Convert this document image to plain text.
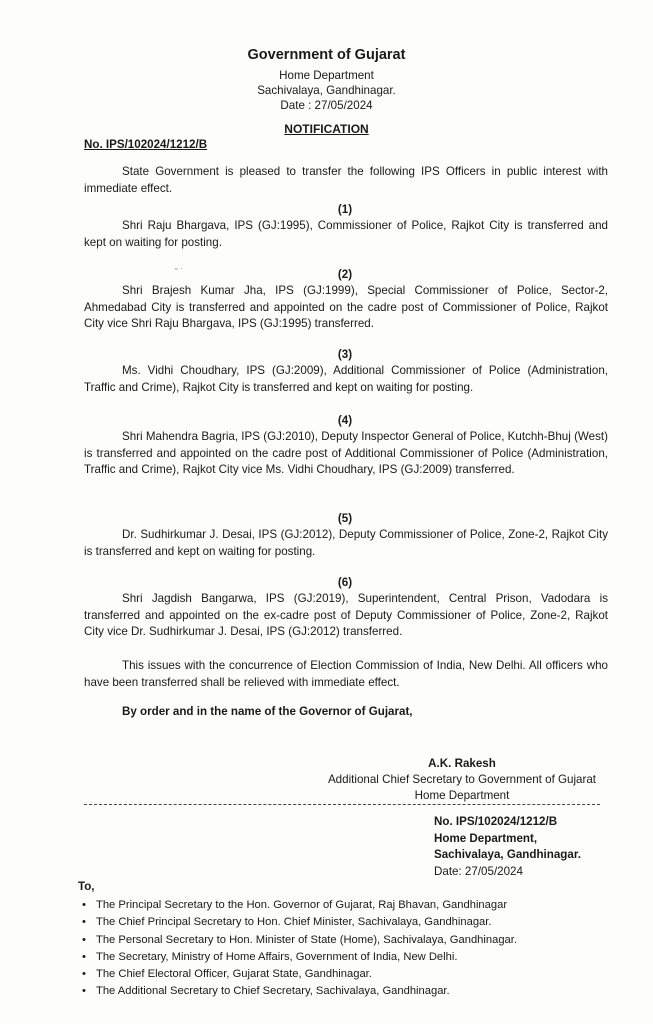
Government of Gujarat
Home Department
Sachivalaya, Gandhinagar.
Date : 27/05/2024
NOTIFICATION
No. IPS/102024/1212/B
State Government is pleased to transfer the following IPS Officers in public interest with immediate effect.
(1)
Shri Raju Bhargava, IPS (GJ:1995), Commissioner of Police, Rajkot City is transferred and kept on waiting for posting.
˘ ˙	(2)
Shri Brajesh Kumar Jha, IPS (GJ:1999), Special Commissioner of Police, Sector-2, Ahmedabad City is transferred and appointed on the cadre post of Commissioner of Police, Rajkot City vice Shri Raju Bhargava, IPS (GJ:1995) transferred.
(3)
Ms. Vidhi Choudhary, IPS (GJ:2009), Additional Commissioner of Police (Administration, Traffic and Crime), Rajkot City is transferred and kept on waiting for posting.
(4)
Shri Mahendra Bagria, IPS (GJ:2010), Deputy Inspector General of Police, Kutchh-Bhuj (West) is transferred and appointed on the cadre post of Additional Commissioner of Police (Administration, Traffic and Crime), Rajkot City vice Ms. Vidhi Choudhary, IPS (GJ:2009) transferred.
(5)
Dr. Sudhirkumar J. Desai, IPS (GJ:2012), Deputy Commissioner of Police, Zone-2, Rajkot City is transferred and kept on waiting for posting.
(6)
Shri Jagdish Bangarwa, IPS (GJ:2019), Superintendent, Central Prison, Vadodara is transferred and appointed on the ex-cadre post of Deputy Commissioner of Police, Zone-2, Rajkot City vice Dr. Sudhirkumar J. Desai, IPS (GJ:2012) transferred.
This issues with the concurrence of Election Commission of India, New Delhi. All officers who have been transferred shall be relieved with immediate effect.
By order and in the name of the Governor of Gujarat,
A.K. Rakesh
Additional Chief Secretary to Government of Gujarat
Home Department
No. IPS/102024/1212/B
Home Department,
Sachivalaya, Gandhinagar.
Date: 27/05/2024
To,
• The Principal Secretary to the Hon. Governor of Gujarat, Raj Bhavan, Gandhinagar
• The Chief Principal Secretary to Hon. Chief Minister, Sachivalaya, Gandhinagar.
• The Personal Secretary to Hon. Minister of State (Home), Sachivalaya, Gandhinagar.
• The Secretary, Ministry of Home Affairs, Government of India, New Delhi.
• The Chief Electoral Officer, Gujarat State, Gandhinagar.
• The Additional Secretary to Chief Secretary, Sachivalaya, Gandhinagar.
